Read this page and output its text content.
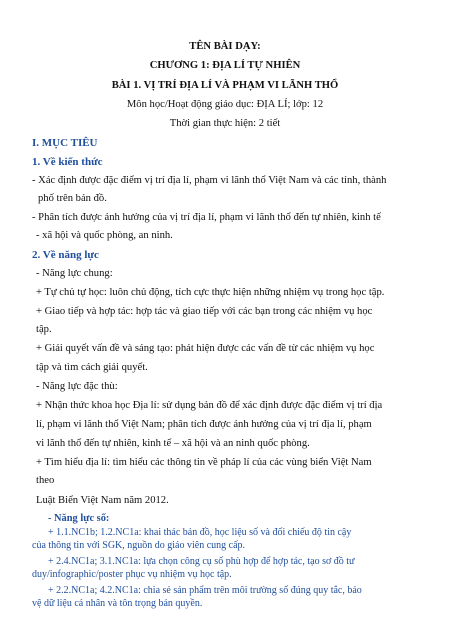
TÊN BÀI DẠY:
CHƯƠNG 1: ĐỊA LÍ TỰ NHIÊN
BÀI 1. VỊ TRÍ ĐỊA LÍ VÀ PHẠM VI LÃNH THỔ
Môn học/Hoạt động giáo dục: ĐỊA LÍ; lớp: 12
Thời gian thực hiện: 2 tiết
I. MỤC TIÊU
1. Về kiến thức
- Xác định được đặc điểm vị trí địa lí, phạm vi lãnh thổ Việt Nam và các tỉnh, thành
phố trên bản đồ.
- Phân tích được ảnh hưởng của vị trí địa lí, phạm vi lãnh thổ đến tự nhiên, kinh tế
- xã hội và quốc phòng, an ninh.
2. Về năng lực
- Năng lực chung:
+ Tự chủ tự học: luôn chủ động, tích cực thực hiện những nhiệm vụ trong học tập.
+ Giao tiếp và hợp tác: hợp tác và giao tiếp với các bạn trong các nhiệm vụ học
tập.
+ Giải quyết vấn đề và sáng tạo: phát hiện được các vấn đề từ các nhiệm vụ học
tập và tìm cách giải quyết.
- Năng lực đặc thù:
+ Nhận thức khoa học Địa lí: sử dụng bản đồ để xác định được đặc điểm vị trí địa
lí, phạm vi lãnh thổ Việt Nam; phân tích được ảnh hưởng của vị trí địa lí, phạm
vi lãnh thổ đến tự nhiên, kinh tế – xã hội và an ninh quốc phòng.
+ Tìm hiểu địa lí: tìm hiểu các thông tin về pháp lí của các vùng biển Việt Nam
theo
Luật Biển Việt Nam năm 2012.
- Năng lực số:
+ 1.1.NC1b; 1.2.NC1a: khai thác bản đồ, học liệu số và đối chiếu độ tin cậy
của thông tin với SGK, nguồn do giáo viên cung cấp.
+ 2.4.NC1a; 3.1.NC1a: lựa chọn công cụ số phù hợp để hợp tác, tạo sơ đồ tư
duy/infographic/poster phục vụ nhiệm vụ học tập.
+ 2.2.NC1a; 4.2.NC1a: chia sẻ sản phẩm trên môi trường số đúng quy tắc, bảo
vệ dữ liệu cá nhân và tôn trọng bản quyền.
